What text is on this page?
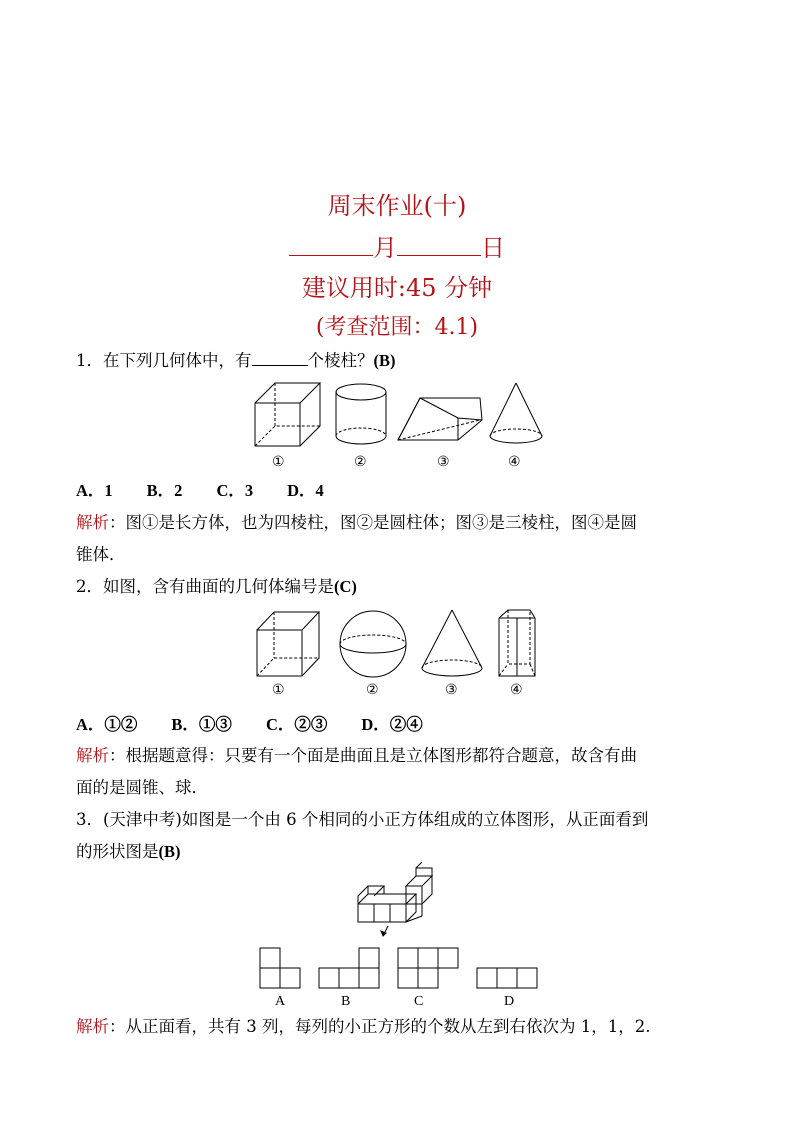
周末作业(十)
月	日
建议用时:45 分钟
(考查范围：4.1)
1．在下列几何体中，有	个棱柱？(B)
①	②	③	④
A．1 B．2 C．3 D．4
解析：图①是长方体，也为四棱柱，图②是圆柱体；图③是三棱柱，图④是圆
锥体．
2．如图，含有曲面的几何体编号是(C)
①	②	③	④
A．①② B．①③ C．②③ D．②④
解析：根据题意得：只要有一个面是曲面且是立体图形都符合题意，故含有曲
面的是圆锥、球．
3．(天津中考)如图是一个由 6 个相同的小正方体组成的立体图形，从正面看到
的形状图是(B)
A	B	C	D
解析：从正面看，共有 3 列，每列的小正方形的个数从左到右依次为 1，1，2.
